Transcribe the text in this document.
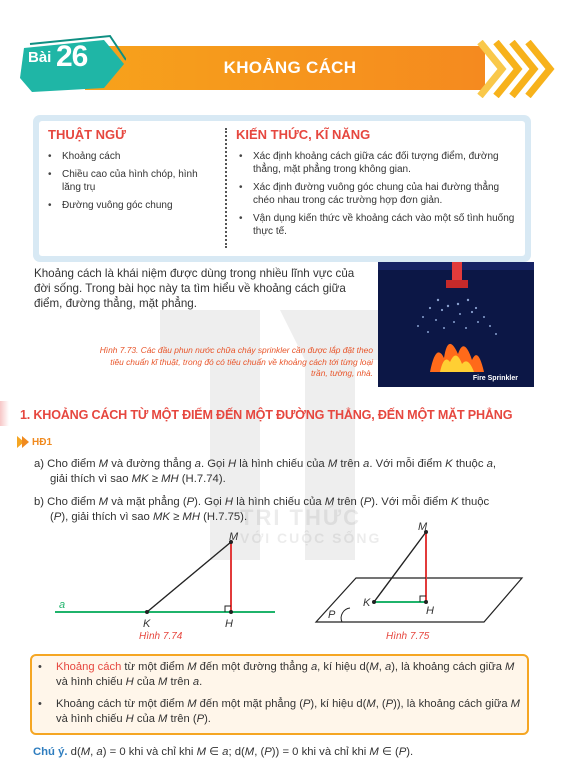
Bài 26	KHOẢNG CÁCH
THUẬT NGỮ
• Khoảng cách
• Chiều cao của hình chóp, hình lăng trụ
• Đường vuông góc chung
KIẾN THỨC, KĨ NĂNG
• Xác định khoảng cách giữa các đối tượng điểm, đường thẳng, mặt phẳng trong không gian.
• Xác định đường vuông góc chung của hai đường thẳng chéo nhau trong các trường hợp đơn giản.
• Vận dụng kiến thức về khoảng cách vào một số tình huống thực tế.
TRI THỨC
VỚI CUỘC SỐNG
Khoảng cách là khái niệm được dùng trong nhiều lĩnh vực của đời sống. Trong bài học này ta tìm hiểu về khoảng cách giữa điểm, đường thẳng, mặt phẳng.
Fire Sprinkler
Hình 7.73. Các đầu phun nước chữa cháy sprinkler cần được lắp đặt theo tiêu chuẩn kĩ thuật, trong đó có tiêu chuẩn về khoảng cách tới từng loại trần, tường, nhà.
1. KHOẢNG CÁCH TỪ MỘT ĐIỂM ĐẾN MỘT ĐƯỜNG THẲNG, ĐẾN MỘT MẶT PHẲNG
HĐ1
a) Cho điểm M và đường thẳng a. Gọi H là hình chiếu của M trên a. Với mỗi điểm K thuộc a,
giải thích vì sao MK ≥ MH (H.7.74).
b) Cho điểm M và mặt phẳng (P). Gọi H là hình chiếu của M trên (P). Với mỗi điểm K thuộc
(P), giải thích vì sao MK ≥ MH (H.7.75).
M
K	H
a
Hình 7.74
M
K
H
P
Hình 7.75
• Khoảng cách từ một điểm M đến một đường thẳng a, kí hiệu d(M, a), là khoảng cách giữa M và hình chiếu H của M trên a.
• Khoảng cách từ một điểm M đến một mặt phẳng (P), kí hiệu d(M, (P)), là khoảng cách giữa M và hình chiếu H của M trên (P).
Chú ý. d(M, a) = 0 khi và chỉ khi M ∈ a; d(M, (P)) = 0 khi và chỉ khi M ∈ (P).
